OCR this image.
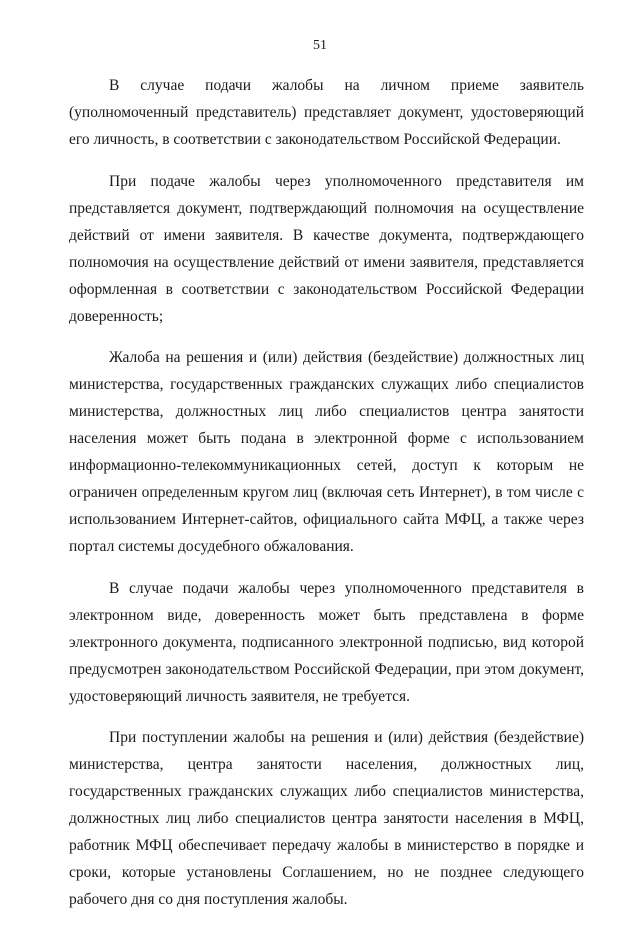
51

В случае подачи жалобы на личном приеме заявитель (уполномоченный представитель) представляет документ, удостоверяющий его личность, в соответствии с законодательством Российской Федерации.

При подаче жалобы через уполномоченного представителя им представляется документ, подтверждающий полномочия на осуществление действий от имени заявителя. В качестве документа, подтверждающего полномочия на осуществление действий от имени заявителя, представляется оформленная в соответствии с законодательством Российской Федерации доверенность;

Жалоба на решения и (или) действия (бездействие) должностных лиц министерства, государственных гражданских служащих либо специалистов министерства, должностных лиц либо специалистов центра занятости населения может быть подана в электронной форме с использованием информационно-телекоммуникационных сетей, доступ к которым не ограничен определенным кругом лиц (включая сеть Интернет), в том числе с использованием Интернет-сайтов, официального сайта МФЦ, а также через портал системы досудебного обжалования.

В случае подачи жалобы через уполномоченного представителя в электронном виде, доверенность может быть представлена в форме электронного документа, подписанного электронной подписью, вид которой предусмотрен законодательством Российской Федерации, при этом документ, удостоверяющий личность заявителя, не требуется.

При поступлении жалобы на решения и (или) действия (бездействие) министерства, центра занятости населения, должностных лиц, государственных гражданских служащих либо специалистов министерства, должностных лиц либо специалистов центра занятости населения в МФЦ, работник МФЦ обеспечивает передачу жалобы в министерство в порядке и сроки, которые установлены Соглашением, но не позднее следующего рабочего дня со дня поступления жалобы.
